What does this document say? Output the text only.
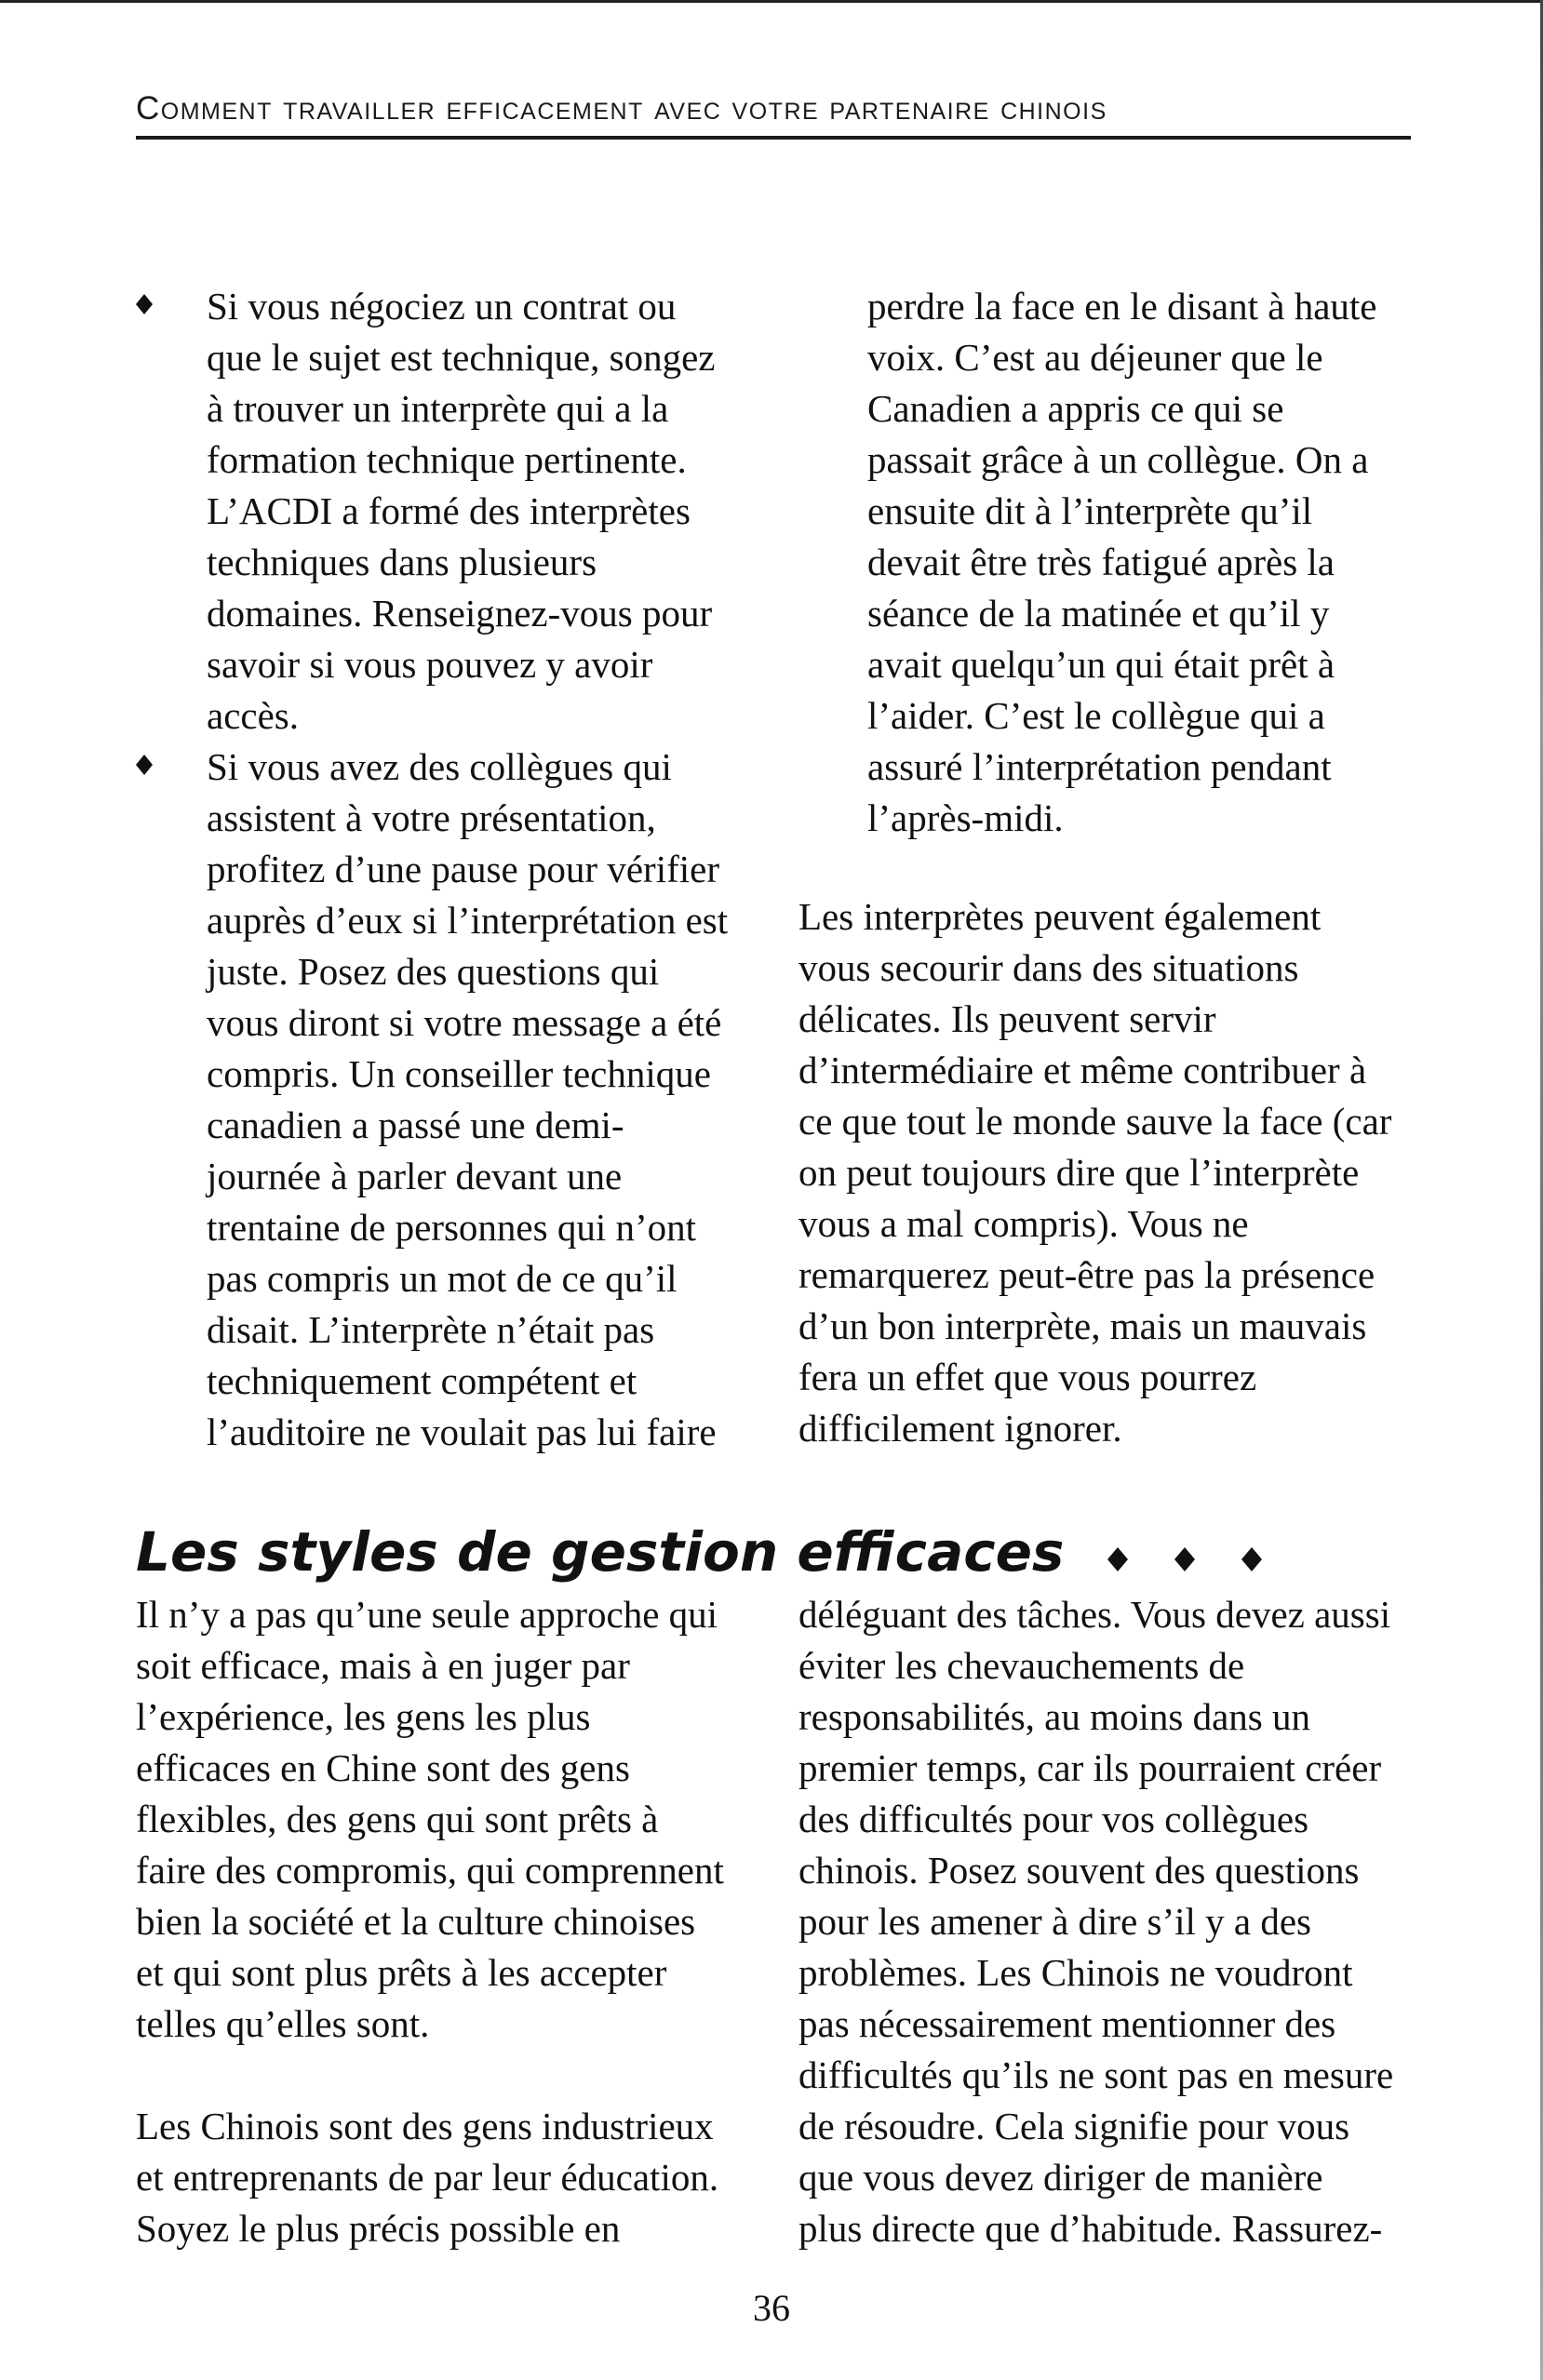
Comment travailler efficacement avec votre partenaire chinois
Si vous négociez un contrat ou
que le sujet est technique, songez
à trouver un interprète qui a la
formation technique pertinente.
L’ACDI a formé des interprètes
techniques dans plusieurs
domaines. Renseignez-vous pour
savoir si vous pouvez y avoir
accès.
Si vous avez des collègues qui
assistent à votre présentation,
profitez d’une pause pour vérifier
auprès d’eux si l’interprétation est
juste. Posez des questions qui
vous diront si votre message a été
compris. Un conseiller technique
canadien a passé une demi-
journée à parler devant une
trentaine de personnes qui n’ont
pas compris un mot de ce qu’il
disait. L’interprète n’était pas
techniquement compétent et
l’auditoire ne voulait pas lui faire
perdre la face en le disant à haute
voix. C’est au déjeuner que le
Canadien a appris ce qui se
passait grâce à un collègue. On a
ensuite dit à l’interprète qu’il
devait être très fatigué après la
séance de la matinée et qu’il y
avait quelqu’un qui était prêt à
l’aider. C’est le collègue qui a
assuré l’interprétation pendant
l’après-midi.
Les interprètes peuvent également
vous secourir dans des situations
délicates. Ils peuvent servir
d’intermédiaire et même contribuer à
ce que tout le monde sauve la face (car
on peut toujours dire que l’interprète
vous a mal compris). Vous ne
remarquerez peut-être pas la présence
d’un bon interprète, mais un mauvais
fera un effet que vous pourrez
difficilement ignorer.
Les styles de gestion efficaces
Il n’y a pas qu’une seule approche qui
soit efficace, mais à en juger par
l’expérience, les gens les plus
efficaces en Chine sont des gens
flexibles, des gens qui sont prêts à
faire des compromis, qui comprennent
bien la société et la culture chinoises
et qui sont plus prêts à les accepter
telles qu’elles sont.
Les Chinois sont des gens industrieux
et entreprenants de par leur éducation.
Soyez le plus précis possible en
déléguant des tâches. Vous devez aussi
éviter les chevauchements de
responsabilités, au moins dans un
premier temps, car ils pourraient créer
des difficultés pour vos collègues
chinois. Posez souvent des questions
pour les amener à dire s’il y a des
problèmes. Les Chinois ne voudront
pas nécessairement mentionner des
difficultés qu’ils ne sont pas en mesure
de résoudre. Cela signifie pour vous
que vous devez diriger de manière
plus directe que d’habitude. Rassurez-
36
